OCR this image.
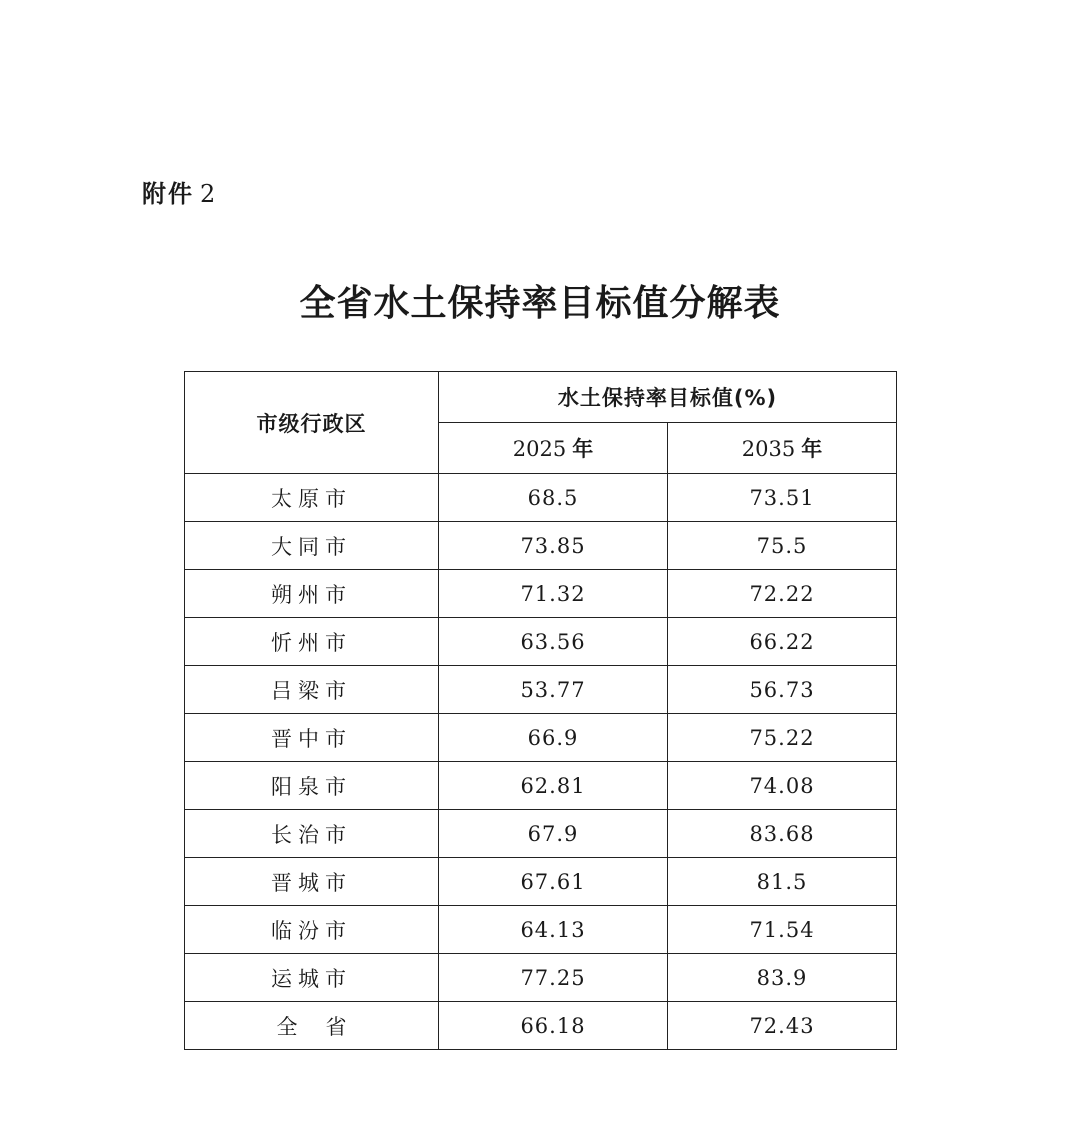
附件 2
全省水土保持率目标值分解表
市级行政区	水土保持率目标值(%)	
	2025 年	2035 年
太原市	68.5	73.51
大同市	73.85	75.5
朔州市	71.32	72.22
忻州市	63.56	66.22
吕梁市	53.77	56.73
晋中市	66.9	75.22
阳泉市	62.81	74.08
长治市	67.9	83.68
晋城市	67.61	81.5
临汾市	64.13	71.54
运城市	77.25	83.9
全省	66.18	72.43
